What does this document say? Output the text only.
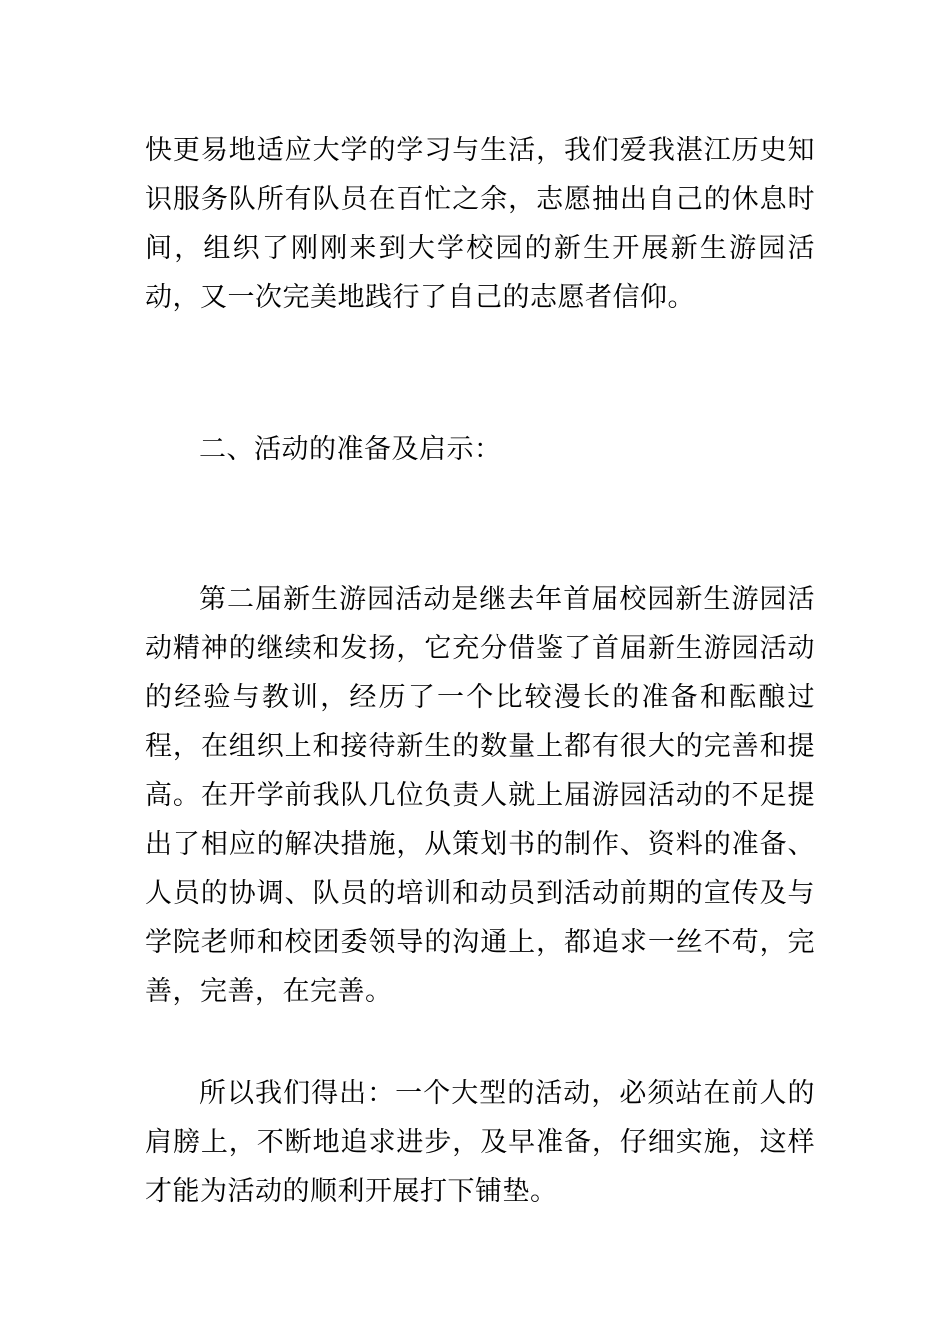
快更易地适应大学的学习与生活，我们爱我湛江历史知识服务队所有队员在百忙之余，志愿抽出自己的休息时间，组织了刚刚来到大学校园的新生开展新生游园活动，又一次完美地践行了自己的志愿者信仰。

二、活动的准备及启示：

第二届新生游园活动是继去年首届校园新生游园活动精神的继续和发扬，它充分借鉴了首届新生游园活动的经验与教训，经历了一个比较漫长的准备和酝酿过程，在组织上和接待新生的数量上都有很大的完善和提高。在开学前我队几位负责人就上届游园活动的不足提出了相应的解决措施，从策划书的制作、资料的准备、人员的协调、队员的培训和动员到活动前期的宣传及与学院老师和校团委领导的沟通上，都追求一丝不苟，完善，完善，在完善。

所以我们得出：一个大型的活动，必须站在前人的肩膀上，不断地追求进步，及早准备，仔细实施，这样才能为活动的顺利开展打下铺垫。
